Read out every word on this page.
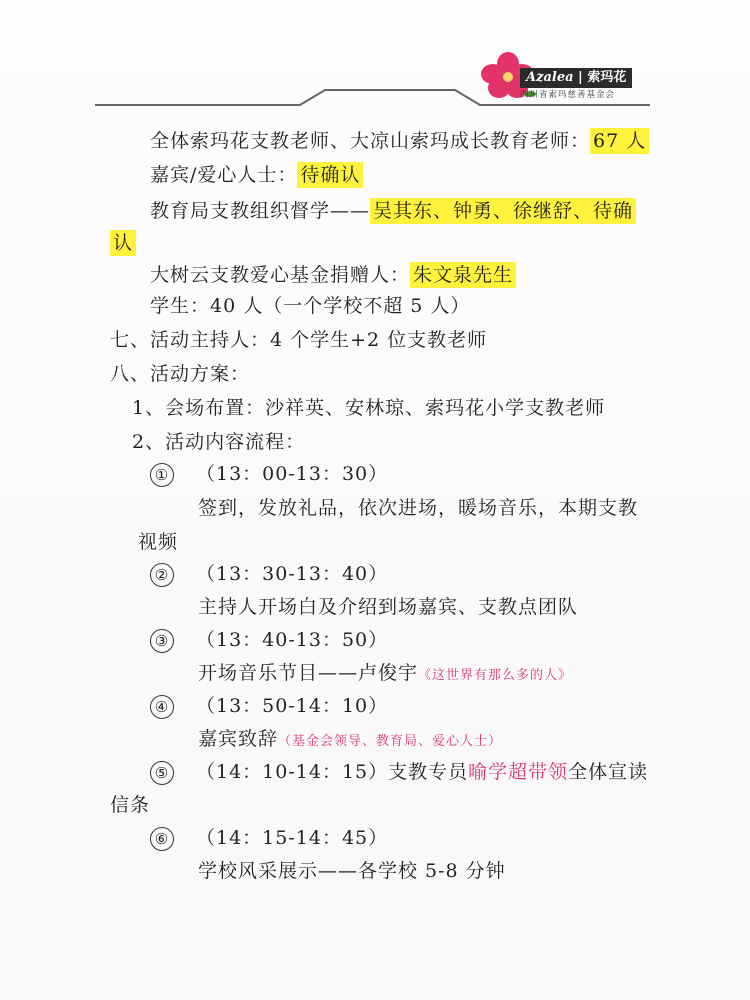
Azalea | 索玛花
四川省索玛慈善基金会
全体索玛花支教老师、大凉山索玛成长教育老师： 67 人
嘉宾/爱心人士： 待确认
教育局支教组织督学—— 吴其东、钟勇、徐继舒、待确
认
大树云支教爱心基金捐赠人： 朱文泉先生
学生：40 人（一个学校不超 5 人）
七、活动主持人：4 个学生+2 位支教老师
八、活动方案：
1、会场布置：沙祥英、安林琼、索玛花小学支教老师
2、活动内容流程：
① （13：00-13：30）
签到，发放礼品，依次进场，暖场音乐，本期支教
视频
② （13：30-13：40）
主持人开场白及介绍到场嘉宾、支教点团队
③ （13：40-13：50）
开场音乐节目——卢俊宇《这世界有那么多的人》
④ （13：50-14：10）
嘉宾致辞（基金会领导、教育局、爱心人士）
⑤ （14：10-14：15）支教专员喻学超带领全体宣读
信条
⑥ （14：15-14：45）
学校风采展示——各学校 5-8 分钟
